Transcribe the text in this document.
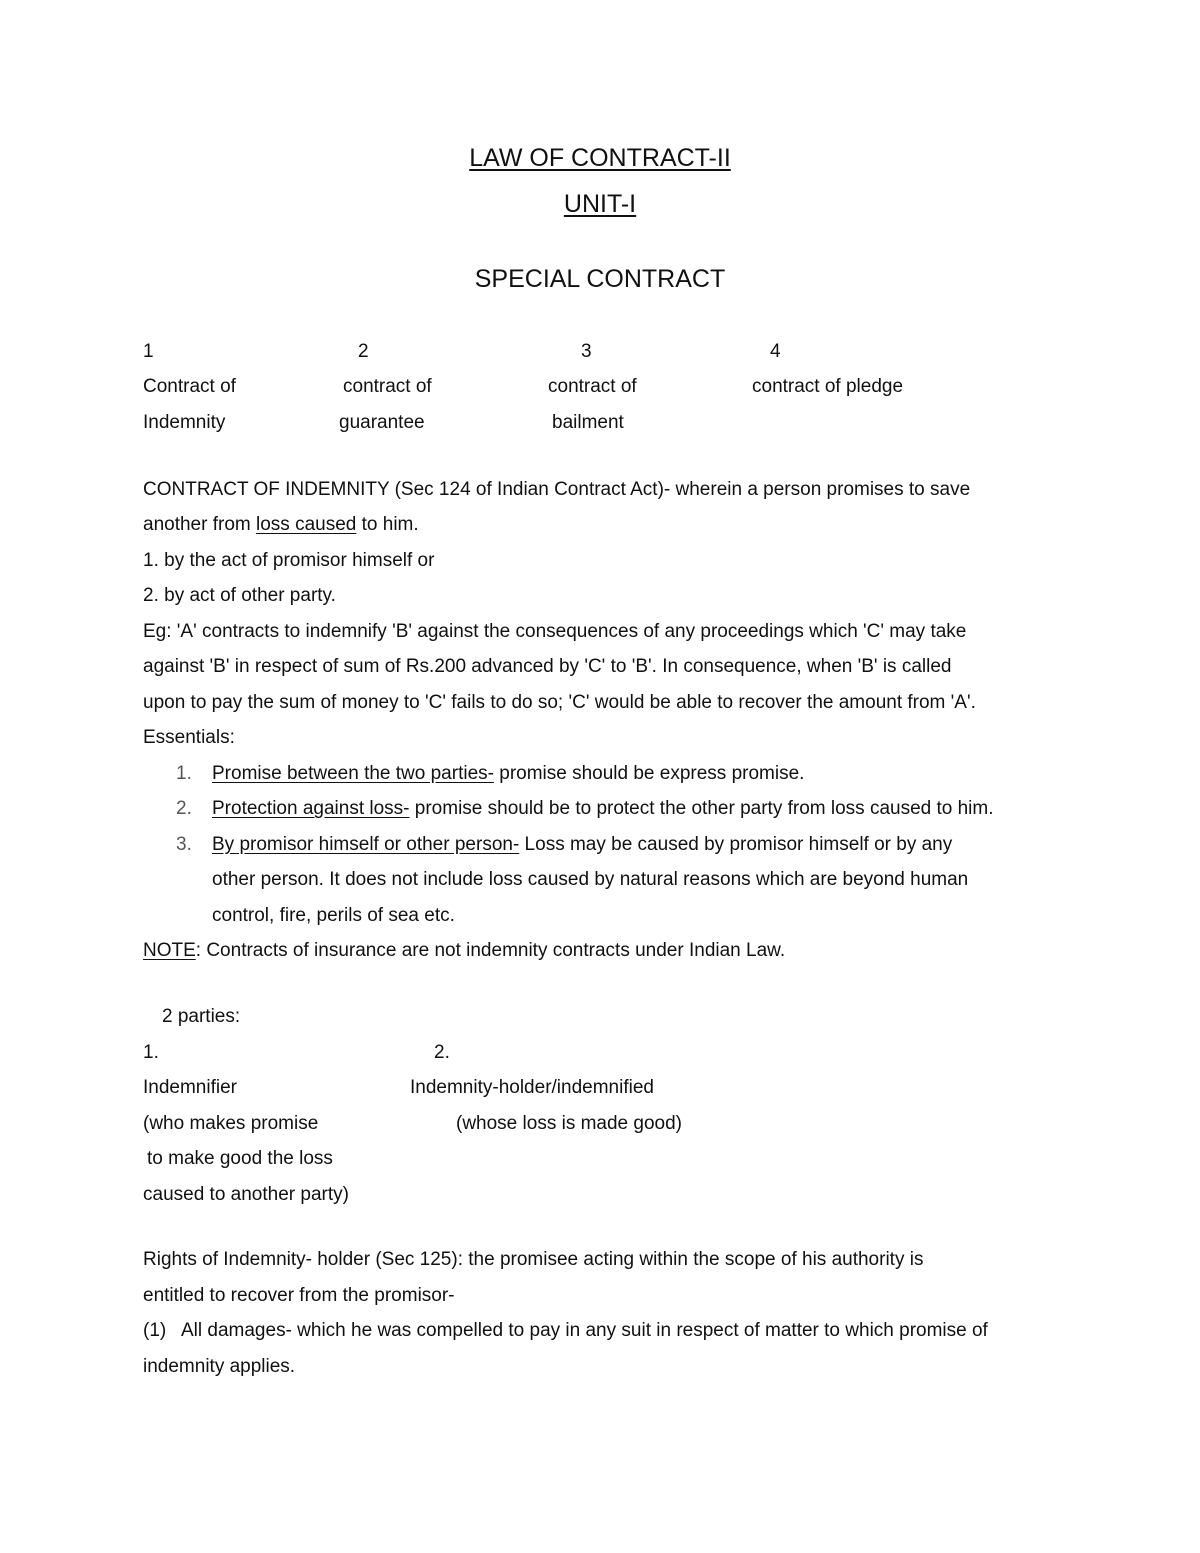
LAW OF CONTRACT-II
UNIT-I
SPECIAL CONTRACT
1	2	3	4
Contract of	contract of	contract of	contract of pledge
Indemnity	guarantee	bailment
CONTRACT OF INDEMNITY (Sec 124 of Indian Contract Act)- wherein a person promises to save
another from loss caused to him.
1. by the act of promisor himself or
2. by act of other party.
Eg: 'A' contracts to indemnify 'B' against the consequences of any proceedings which 'C' may take
against 'B' in respect of sum of Rs.200 advanced by 'C' to 'B'. In consequence, when 'B' is called
upon to pay the sum of money to 'C' fails to do so; 'C' would be able to recover the amount from 'A'.
Essentials:
1. Promise between the two parties- promise should be express promise.
2. Protection against loss- promise should be to protect the other party from loss caused to him.
3. By promisor himself or other person- Loss may be caused by promisor himself or by any
other person. It does not include loss caused by natural reasons which are beyond human
control, fire, perils of sea etc.
NOTE: Contracts of insurance are not indemnity contracts under Indian Law.
2 parties:
1.	2.
Indemnifier	Indemnity-holder/indemnified
(who makes promise	(whose loss is made good)
to make good the loss
caused to another party)
Rights of Indemnity- holder (Sec 125): the promisee acting within the scope of his authority is
entitled to recover from the promisor-
(1)   All damages- which he was compelled to pay in any suit in respect of matter to which promise of
indemnity applies.
